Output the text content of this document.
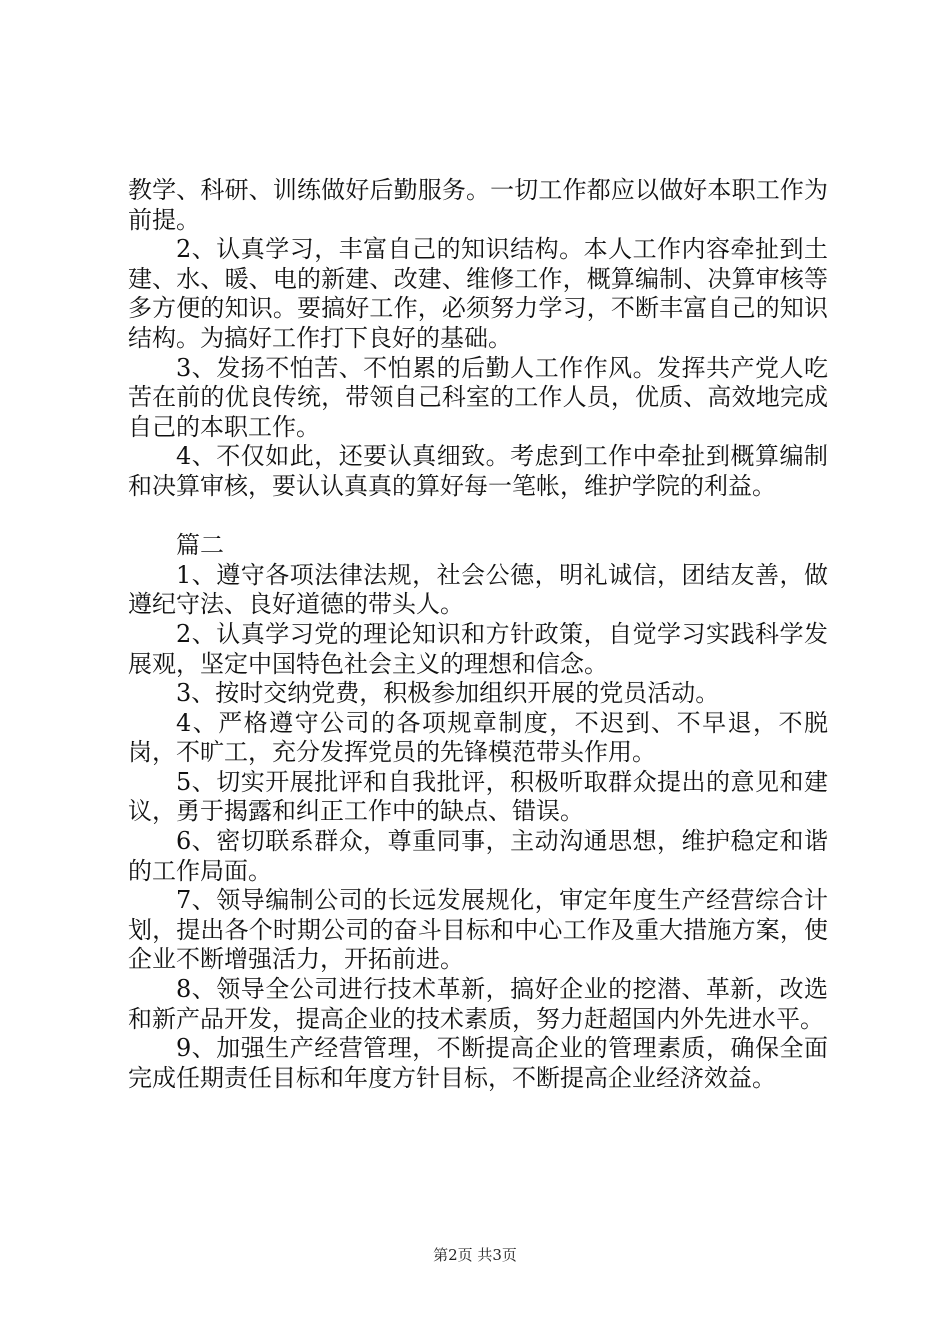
教学、科研、训练做好后勤服务。一切工作都应以做好本职工作为前提。

2、认真学习，丰富自己的知识结构。本人工作内容牵扯到土建、水、暖、电的新建、改建、维修工作，概算编制、决算审核等多方便的知识。要搞好工作，必须努力学习，不断丰富自己的知识结构。为搞好工作打下良好的基础。

3、发扬不怕苦、不怕累的后勤人工作作风。发挥共产党人吃苦在前的优良传统，带领自己科室的工作人员，优质、高效地完成自己的本职工作。

4、不仅如此，还要认真细致。考虑到工作中牵扯到概算编制和决算审核，要认认真真的算好每一笔帐，维护学院的利益。

篇二

1、遵守各项法律法规，社会公德，明礼诚信，团结友善，做遵纪守法、良好道德的带头人。

2、认真学习党的理论知识和方针政策，自觉学习实践科学发展观，坚定中国特色社会主义的理想和信念。

3、按时交纳党费，积极参加组织开展的党员活动。

4、严格遵守公司的各项规章制度，不迟到、不早退，不脱岗，不旷工，充分发挥党员的先锋模范带头作用。

5、切实开展批评和自我批评，积极听取群众提出的意见和建议，勇于揭露和纠正工作中的缺点、错误。

6、密切联系群众，尊重同事，主动沟通思想，维护稳定和谐的工作局面。

7、领导编制公司的长远发展规化，审定年度生产经营综合计划，提出各个时期公司的奋斗目标和中心工作及重大措施方案，使企业不断增强活力，开拓前进。

8、领导全公司进行技术革新，搞好企业的挖潜、革新，改选和新产品开发，提高企业的技术素质，努力赶超国内外先进水平。

9、加强生产经营管理，不断提高企业的管理素质，确保全面完成任期责任目标和年度方针目标，不断提高企业经济效益。

第2页 共3页
